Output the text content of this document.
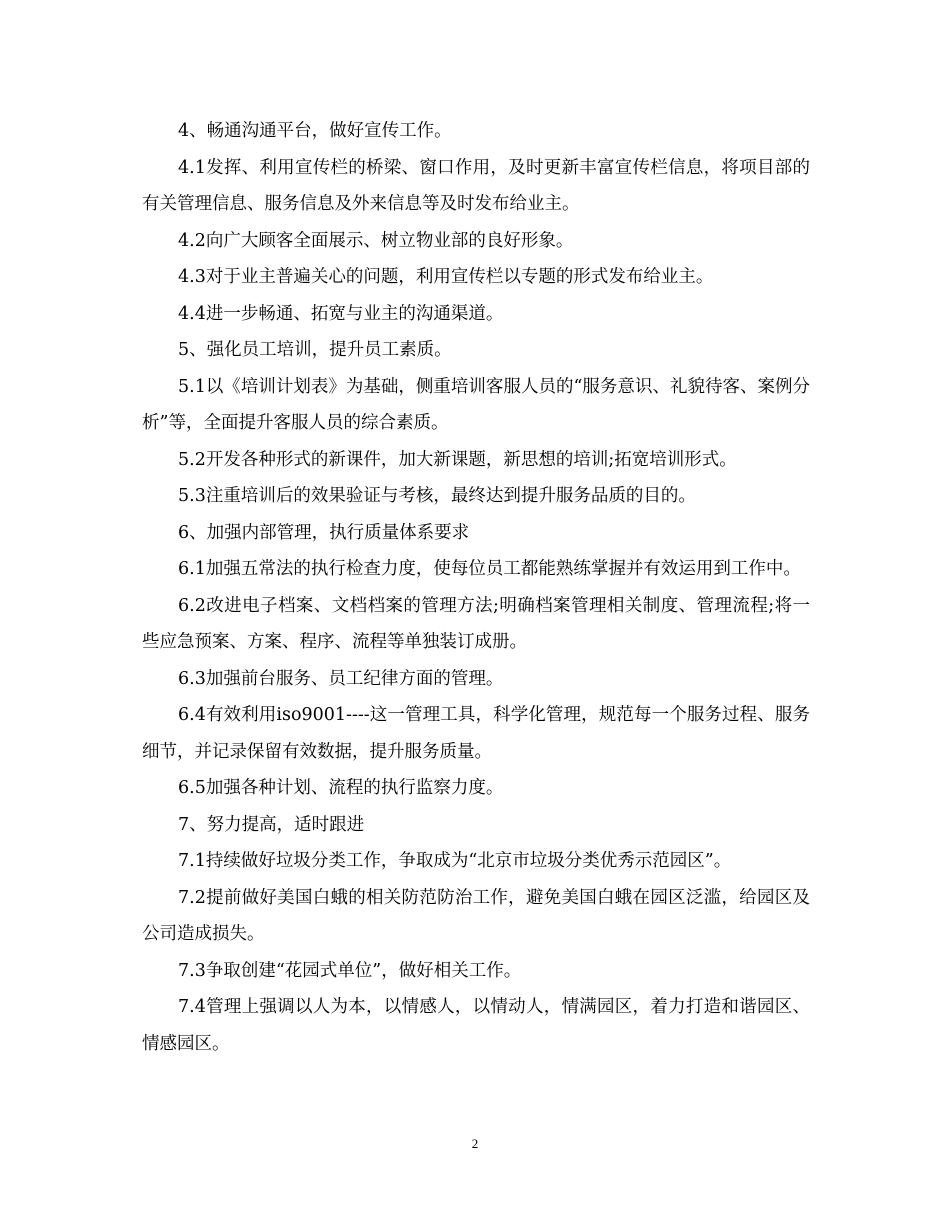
4、畅通沟通平台，做好宣传工作。

4.1发挥、利用宣传栏的桥梁、窗口作用，及时更新丰富宣传栏信息，将项目部的有关管理信息、服务信息及外来信息等及时发布给业主。

4.2向广大顾客全面展示、树立物业部的良好形象。

4.3对于业主普遍关心的问题，利用宣传栏以专题的形式发布给业主。

4.4进一步畅通、拓宽与业主的沟通渠道。

5、强化员工培训，提升员工素质。

5.1以《培训计划表》为基础，侧重培训客服人员的“服务意识、礼貌待客、案例分析”等，全面提升客服人员的综合素质。

5.2开发各种形式的新课件，加大新课题，新思想的培训;拓宽培训形式。

5.3注重培训后的效果验证与考核，最终达到提升服务品质的目的。

6、加强内部管理，执行质量体系要求

6.1加强五常法的执行检查力度，使每位员工都能熟练掌握并有效运用到工作中。

6.2改进电子档案、文档档案的管理方法;明确档案管理相关制度、管理流程;将一些应急预案、方案、程序、流程等单独装订成册。

6.3加强前台服务、员工纪律方面的管理。

6.4有效利用iso9001----这一管理工具，科学化管理，规范每一个服务过程、服务细节，并记录保留有效数据，提升服务质量。

6.5加强各种计划、流程的执行监察力度。

7、努力提高，适时跟进

7.1持续做好垃圾分类工作，争取成为“北京市垃圾分类优秀示范园区”。

7.2提前做好美国白蛾的相关防范防治工作，避免美国白蛾在园区泛滥，给园区及公司造成损失。

7.3争取创建“花园式单位”，做好相关工作。

7.4管理上强调以人为本，以情感人，以情动人，情满园区，着力打造和谐园区、情感园区。

2
